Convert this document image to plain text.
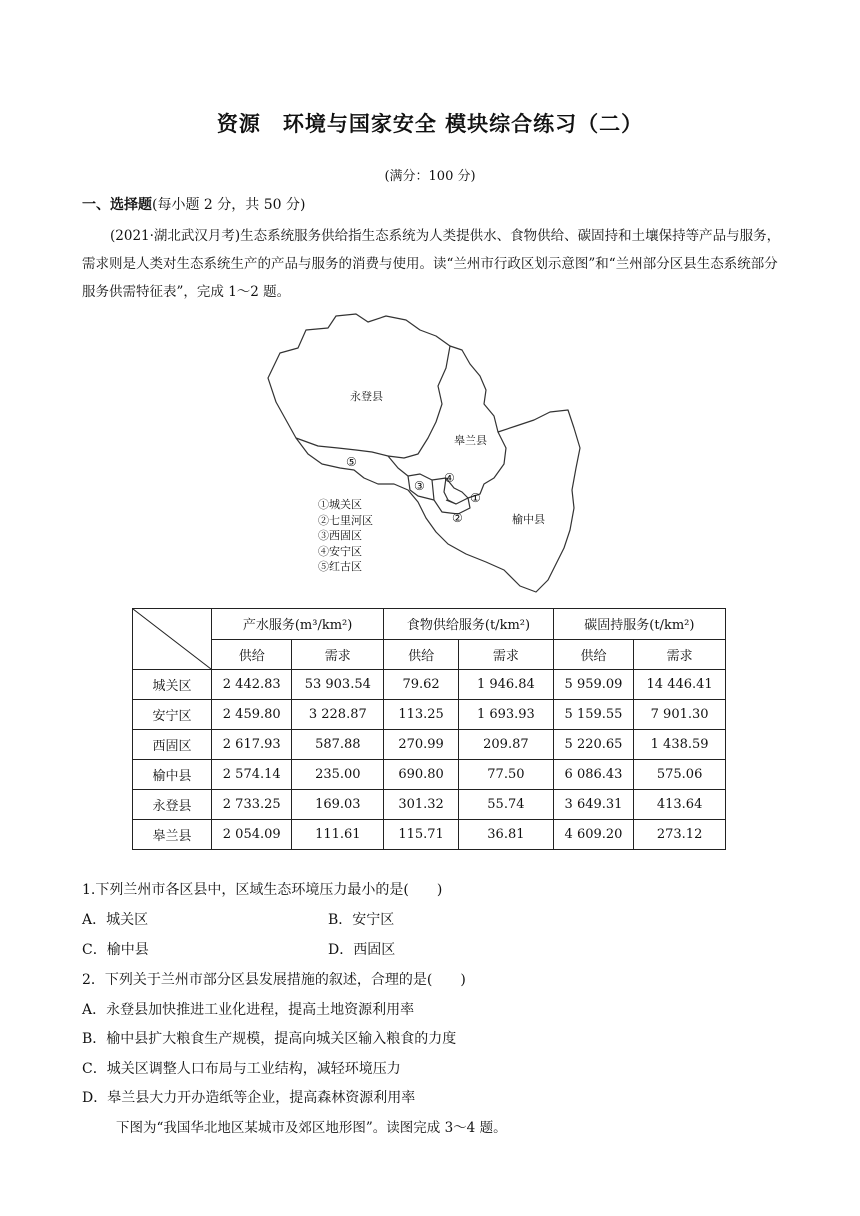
资源　环境与国家安全 模块综合练习（二）
(满分：100 分)
一、选择题(每小题 2 分，共 50 分)
(2021·湖北武汉月考)生态系统服务供给指生态系统为人类提供水、食物供给、碳固持和土壤保持等产品与服务，需求则是人类对生态系统生产的产品与服务的消费与使用。读“兰州市行政区划示意图”和“兰州部分区县生态系统部分服务供需特征表”，完成 1～2 题。
永登县
皋兰县
榆中县
①
②
③
④
⑤
①城关区
②七里河区
③西固区
④安宁区
⑤红古区
	产水服务(m³/km²)		食物供给服务(t/km²)		碳固持服务(t/km²)	
	供给	需求	供给	需求	供给	需求
城关区	2 442.83	53 903.54	79.62	1 946.84	5 959.09	14 446.41
安宁区	2 459.80	3 228.87	113.25	1 693.93	5 159.55	7 901.30
西固区	2 617.93	587.88	270.99	209.87	5 220.65	1 438.59
榆中县	2 574.14	235.00	690.80	77.50	6 086.43	575.06
永登县	2 733.25	169.03	301.32	55.74	3 649.31	413.64
皋兰县	2 054.09	111.61	115.71	36.81	4 609.20	273.12
1.下列兰州市各区县中，区域生态环境压力最小的是(　　)
A．城关区	B．安宁区
C．榆中县	D．西固区
2．下列关于兰州市部分区县发展措施的叙述，合理的是(　　)
A．永登县加快推进工业化进程，提高土地资源利用率
B．榆中县扩大粮食生产规模，提高向城关区输入粮食的力度
C．城关区调整人口布局与工业结构，减轻环境压力
D．皋兰县大力开办造纸等企业，提高森林资源利用率
下图为“我国华北地区某城市及郊区地形图”。读图完成 3～4 题。
